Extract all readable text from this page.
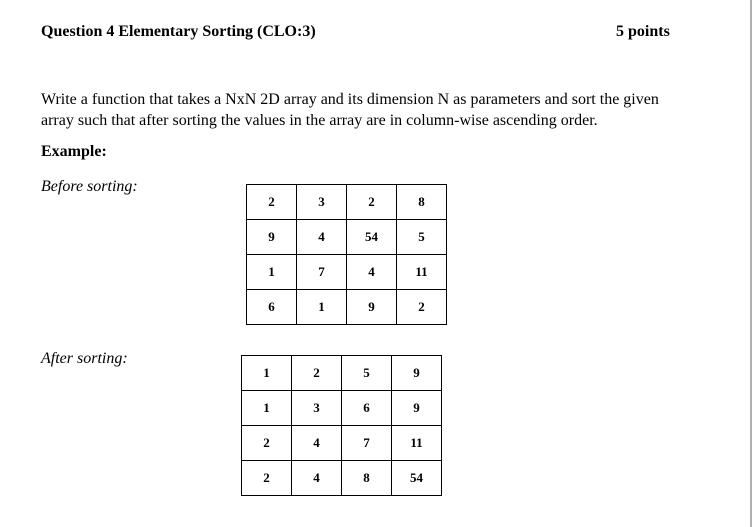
Question 4 Elementary Sorting (CLO:3)	5 points
Write a function that takes a NxN 2D array and its dimension N as parameters and sort the given
array such that after sorting the values in the array are in column-wise ascending order.
Example:
Before sorting:
After sorting:
2	3	2	8
9	4	54	5
1	7	4	11
6	1	9	2
1	2	5	9
1	3	6	9
2	4	7	11
2	4	8	54
